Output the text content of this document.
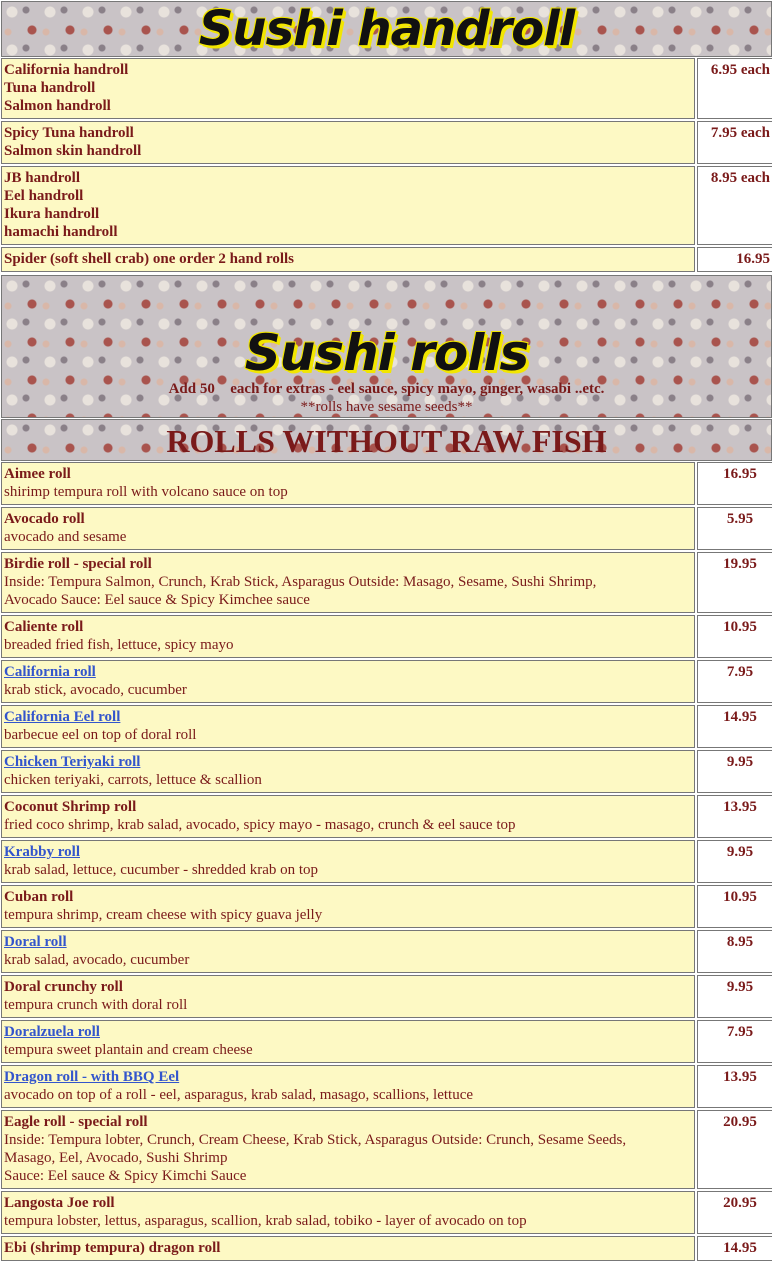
Sushi handroll
California handroll
Tuna handroll
Salmon handroll	6.95 each

Spicy Tuna handroll
Salmon skin handroll	7.95 each

JB handroll
Eel handroll
Ikura handroll
hamachi handroll	8.95 each

Spider (soft shell crab) one order 2 hand rolls	16.95
Sushi rolls
Add 50  each for extras - eel sauce, spicy mayo, ginger, wasabi ..etc.
**rolls have sesame seeds**
ROLLS WITHOUT RAW FISH
Aimee roll
shirimp tempura roll with volcano sauce on top	16.95

Avocado roll
avocado and sesame	5.95

Birdie roll - special roll
Inside: Tempura Salmon, Crunch, Krab Stick, Asparagus Outside: Masago, Sesame, Sushi Shrimp,
Avocado Sauce: Eel sauce & Spicy Kimchee sauce	19.95

Caliente roll
breaded fried fish, lettuce, spicy mayo	10.95

California roll
krab stick, avocado, cucumber	7.95

California Eel roll
barbecue eel on top of doral roll	14.95

Chicken Teriyaki roll
chicken teriyaki, carrots, lettuce & scallion	9.95

Coconut Shrimp roll
fried coco shrimp, krab salad, avocado, spicy mayo - masago, crunch & eel sauce top	13.95

Krabby roll
krab salad, lettuce, cucumber - shredded krab on top	9.95

Cuban roll
tempura shrimp, cream cheese with spicy guava jelly	10.95

Doral roll
krab salad, avocado, cucumber	8.95

Doral crunchy roll
tempura crunch with doral roll	9.95

Doralzuela roll
tempura sweet plantain and cream cheese	7.95

Dragon roll - with BBQ Eel
avocado on top of a roll - eel, asparagus, krab salad, masago, scallions, lettuce	13.95

Eagle roll - special roll
Inside: Tempura lobter, Crunch, Cream Cheese, Krab Stick, Asparagus Outside: Crunch, Sesame Seeds,
Masago, Eel, Avocado, Sushi Shrimp
Sauce: Eel sauce & Spicy Kimchi Sauce	20.95

Langosta Joe roll
tempura lobster, lettus, asparagus, scallion, krab salad, tobiko - layer of avocado on top	20.95

Ebi (shrimp tempura) dragon roll	14.95
